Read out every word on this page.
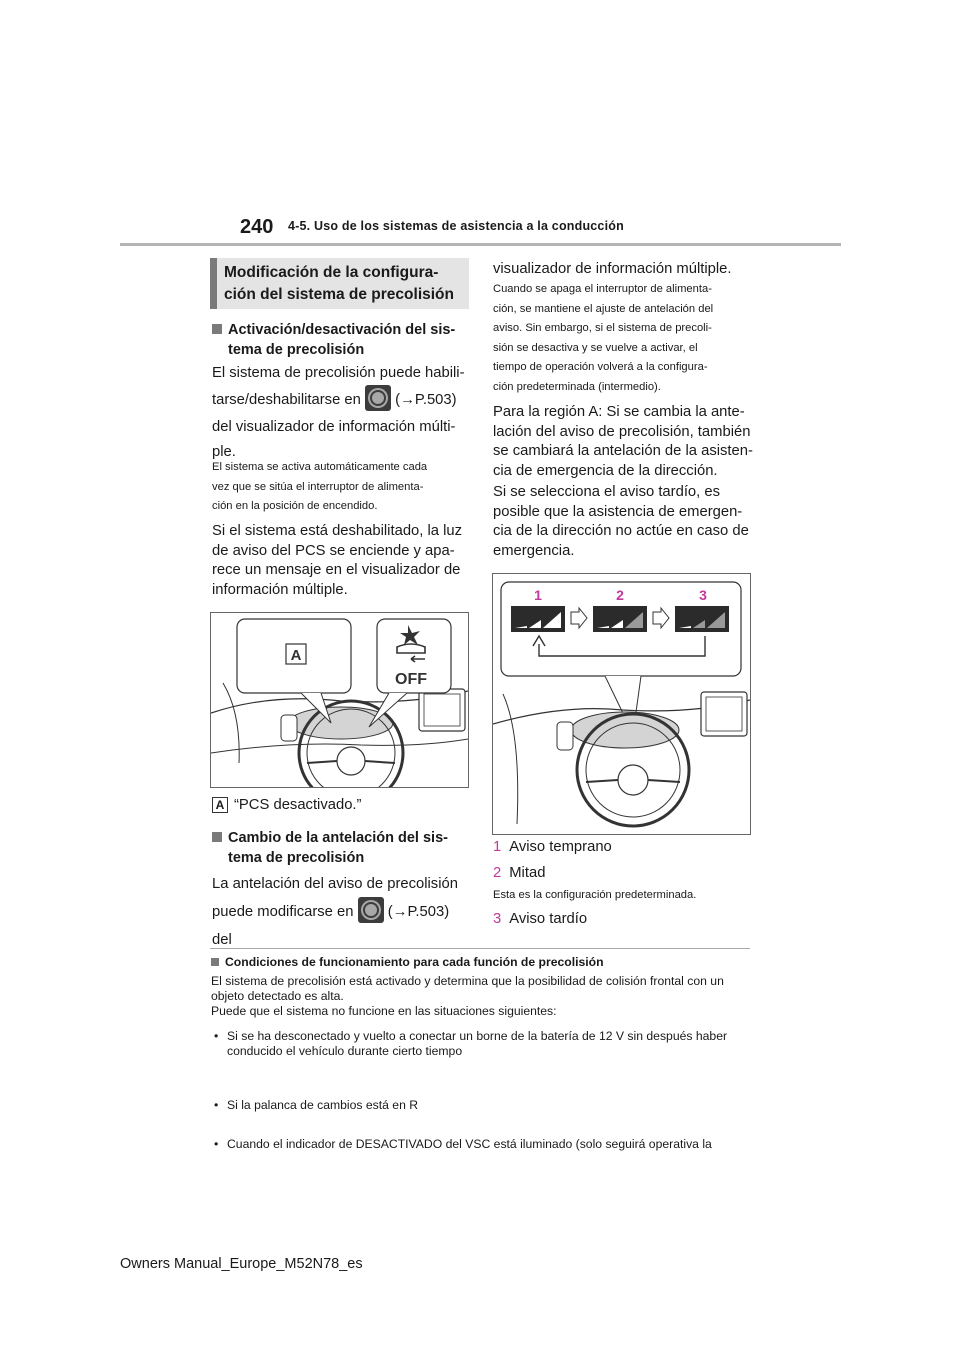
240 4-5. Uso de los sistemas de asistencia a la conducción
Modificación de la configura-
ción del sistema de precolisión
Activación/desactivación del sis-
tema de precolisión
El sistema de precolisión puede habili-
tarse/deshabilitarse en (→P.503)
del visualizador de información múlti-
ple.
El sistema se activa automáticamente cada
vez que se sitúa el interruptor de alimenta-
ción en la posición de encendido.
Si el sistema está deshabilitado, la luz
de aviso del PCS se enciende y apa-
rece un mensaje en el visualizador de
información múltiple.
A
OFF
A “PCS desactivado.”
Cambio de la antelación del sis-
tema de precolisión
La antelación del aviso de precolisión
puede modificarse en (→P.503) del
visualizador de información múltiple.
Cuando se apaga el interruptor de alimenta-
ción, se mantiene el ajuste de antelación del
aviso. Sin embargo, si el sistema de precoli-
sión se desactiva y se vuelve a activar, el
tiempo de operación volverá a la configura-
ción predeterminada (intermedio).
Para la región A: Si se cambia la ante-
lación del aviso de precolisión, también
se cambiará la antelación de la asisten-
cia de emergencia de la dirección.
Si se selecciona el aviso tardío, es
posible que la asistencia de emergen-
cia de la dirección no actúe en caso de
emergencia.
1	2	3
1 Aviso temprano
2 Mitad
Esta es la configuración predeterminada.
3 Aviso tardío
Condiciones de funcionamiento para cada función de precolisión
El sistema de precolisión está activado y determina que la posibilidad de colisión frontal con un
objeto detectado es alta.
Puede que el sistema no funcione en las situaciones siguientes:
• Si se ha desconectado y vuelto a conectar un borne de la batería de 12 V sin después haber
conducido el vehículo durante cierto tiempo
• Si la palanca de cambios está en R
• Cuando el indicador de DESACTIVADO del VSC está iluminado (solo seguirá operativa la
Owners Manual_Europe_M52N78_es
